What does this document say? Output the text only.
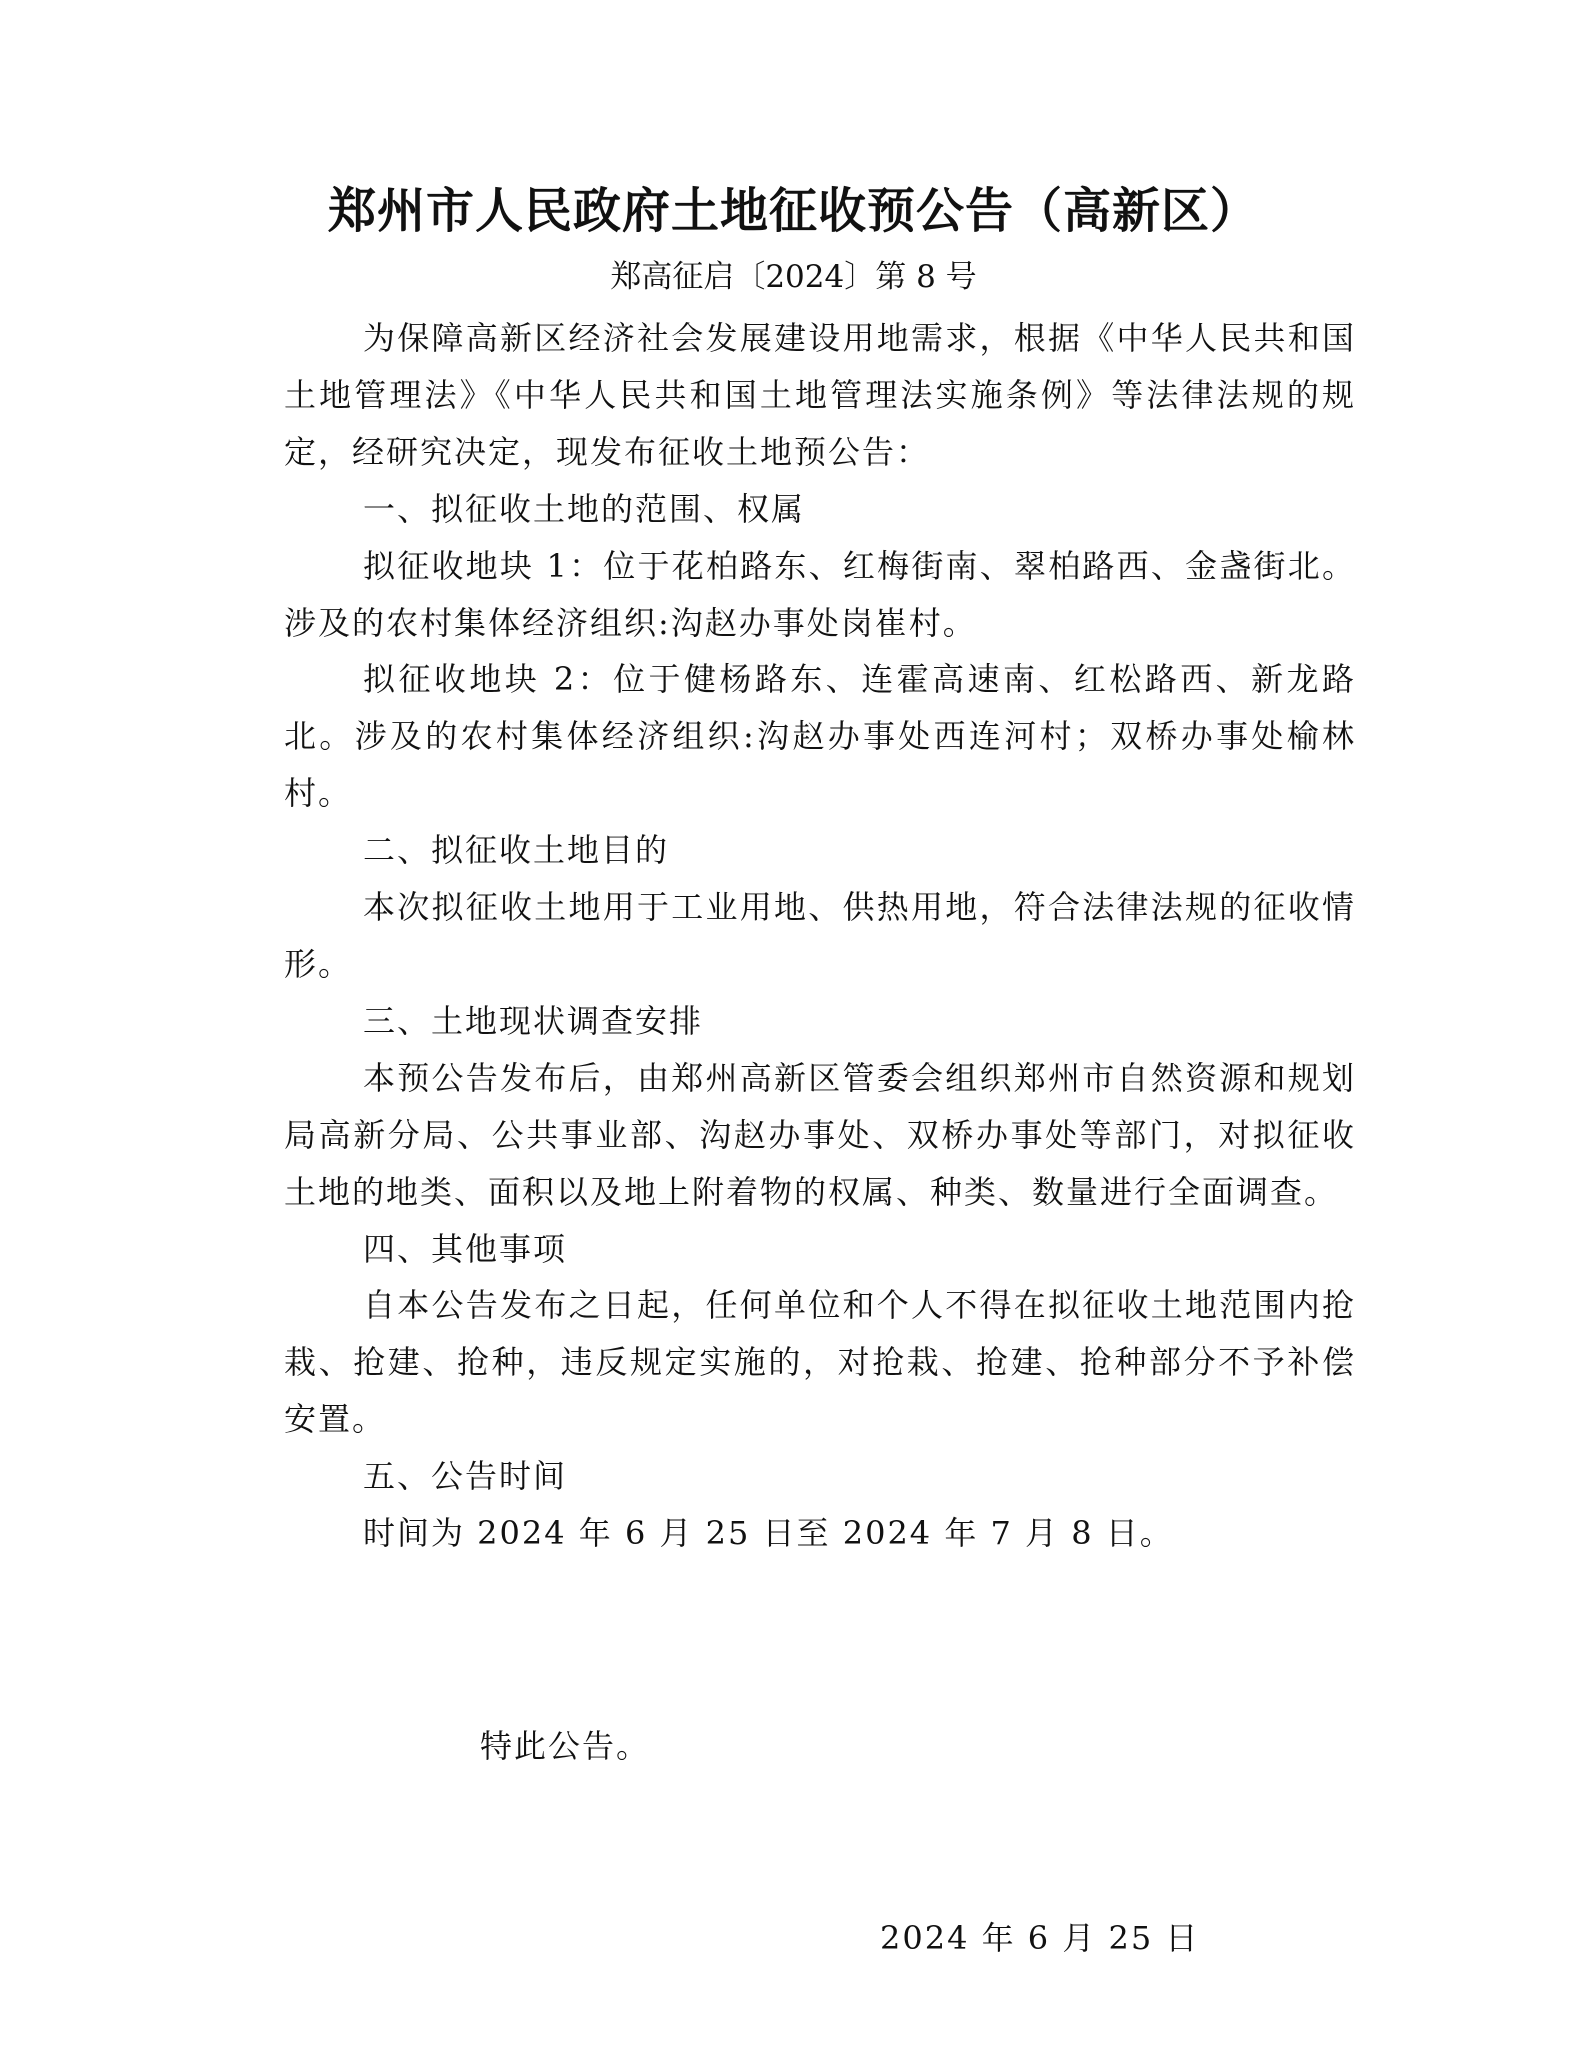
郑州市人民政府土地征收预公告（高新区）
郑高征启〔2024〕第 8 号

为保障高新区经济社会发展建设用地需求，根据《中华人民共和国土地管理法》《中华人民共和国土地管理法实施条例》等法律法规的规定，经研究决定，现发布征收土地预公告：

一、拟征收土地的范围、权属

拟征收地块 1：位于花柏路东、红梅街南、翠柏路西、金盏街北。涉及的农村集体经济组织:沟赵办事处岗崔村。

拟征收地块 2：位于健杨路东、连霍高速南、红松路西、新龙路北。涉及的农村集体经济组织:沟赵办事处西连河村；双桥办事处榆林村。

二、拟征收土地目的

本次拟征收土地用于工业用地、供热用地，符合法律法规的征收情形。

三、土地现状调查安排

本预公告发布后，由郑州高新区管委会组织郑州市自然资源和规划局高新分局、公共事业部、沟赵办事处、双桥办事处等部门，对拟征收土地的地类、面积以及地上附着物的权属、种类、数量进行全面调查。

四、其他事项

自本公告发布之日起，任何单位和个人不得在拟征收土地范围内抢栽、抢建、抢种，违反规定实施的，对抢栽、抢建、抢种部分不予补偿安置。

五、公告时间

时间为 2024 年 6 月 25 日至 2024 年 7 月 8 日。

特此公告。
2024 年 6 月 25 日
